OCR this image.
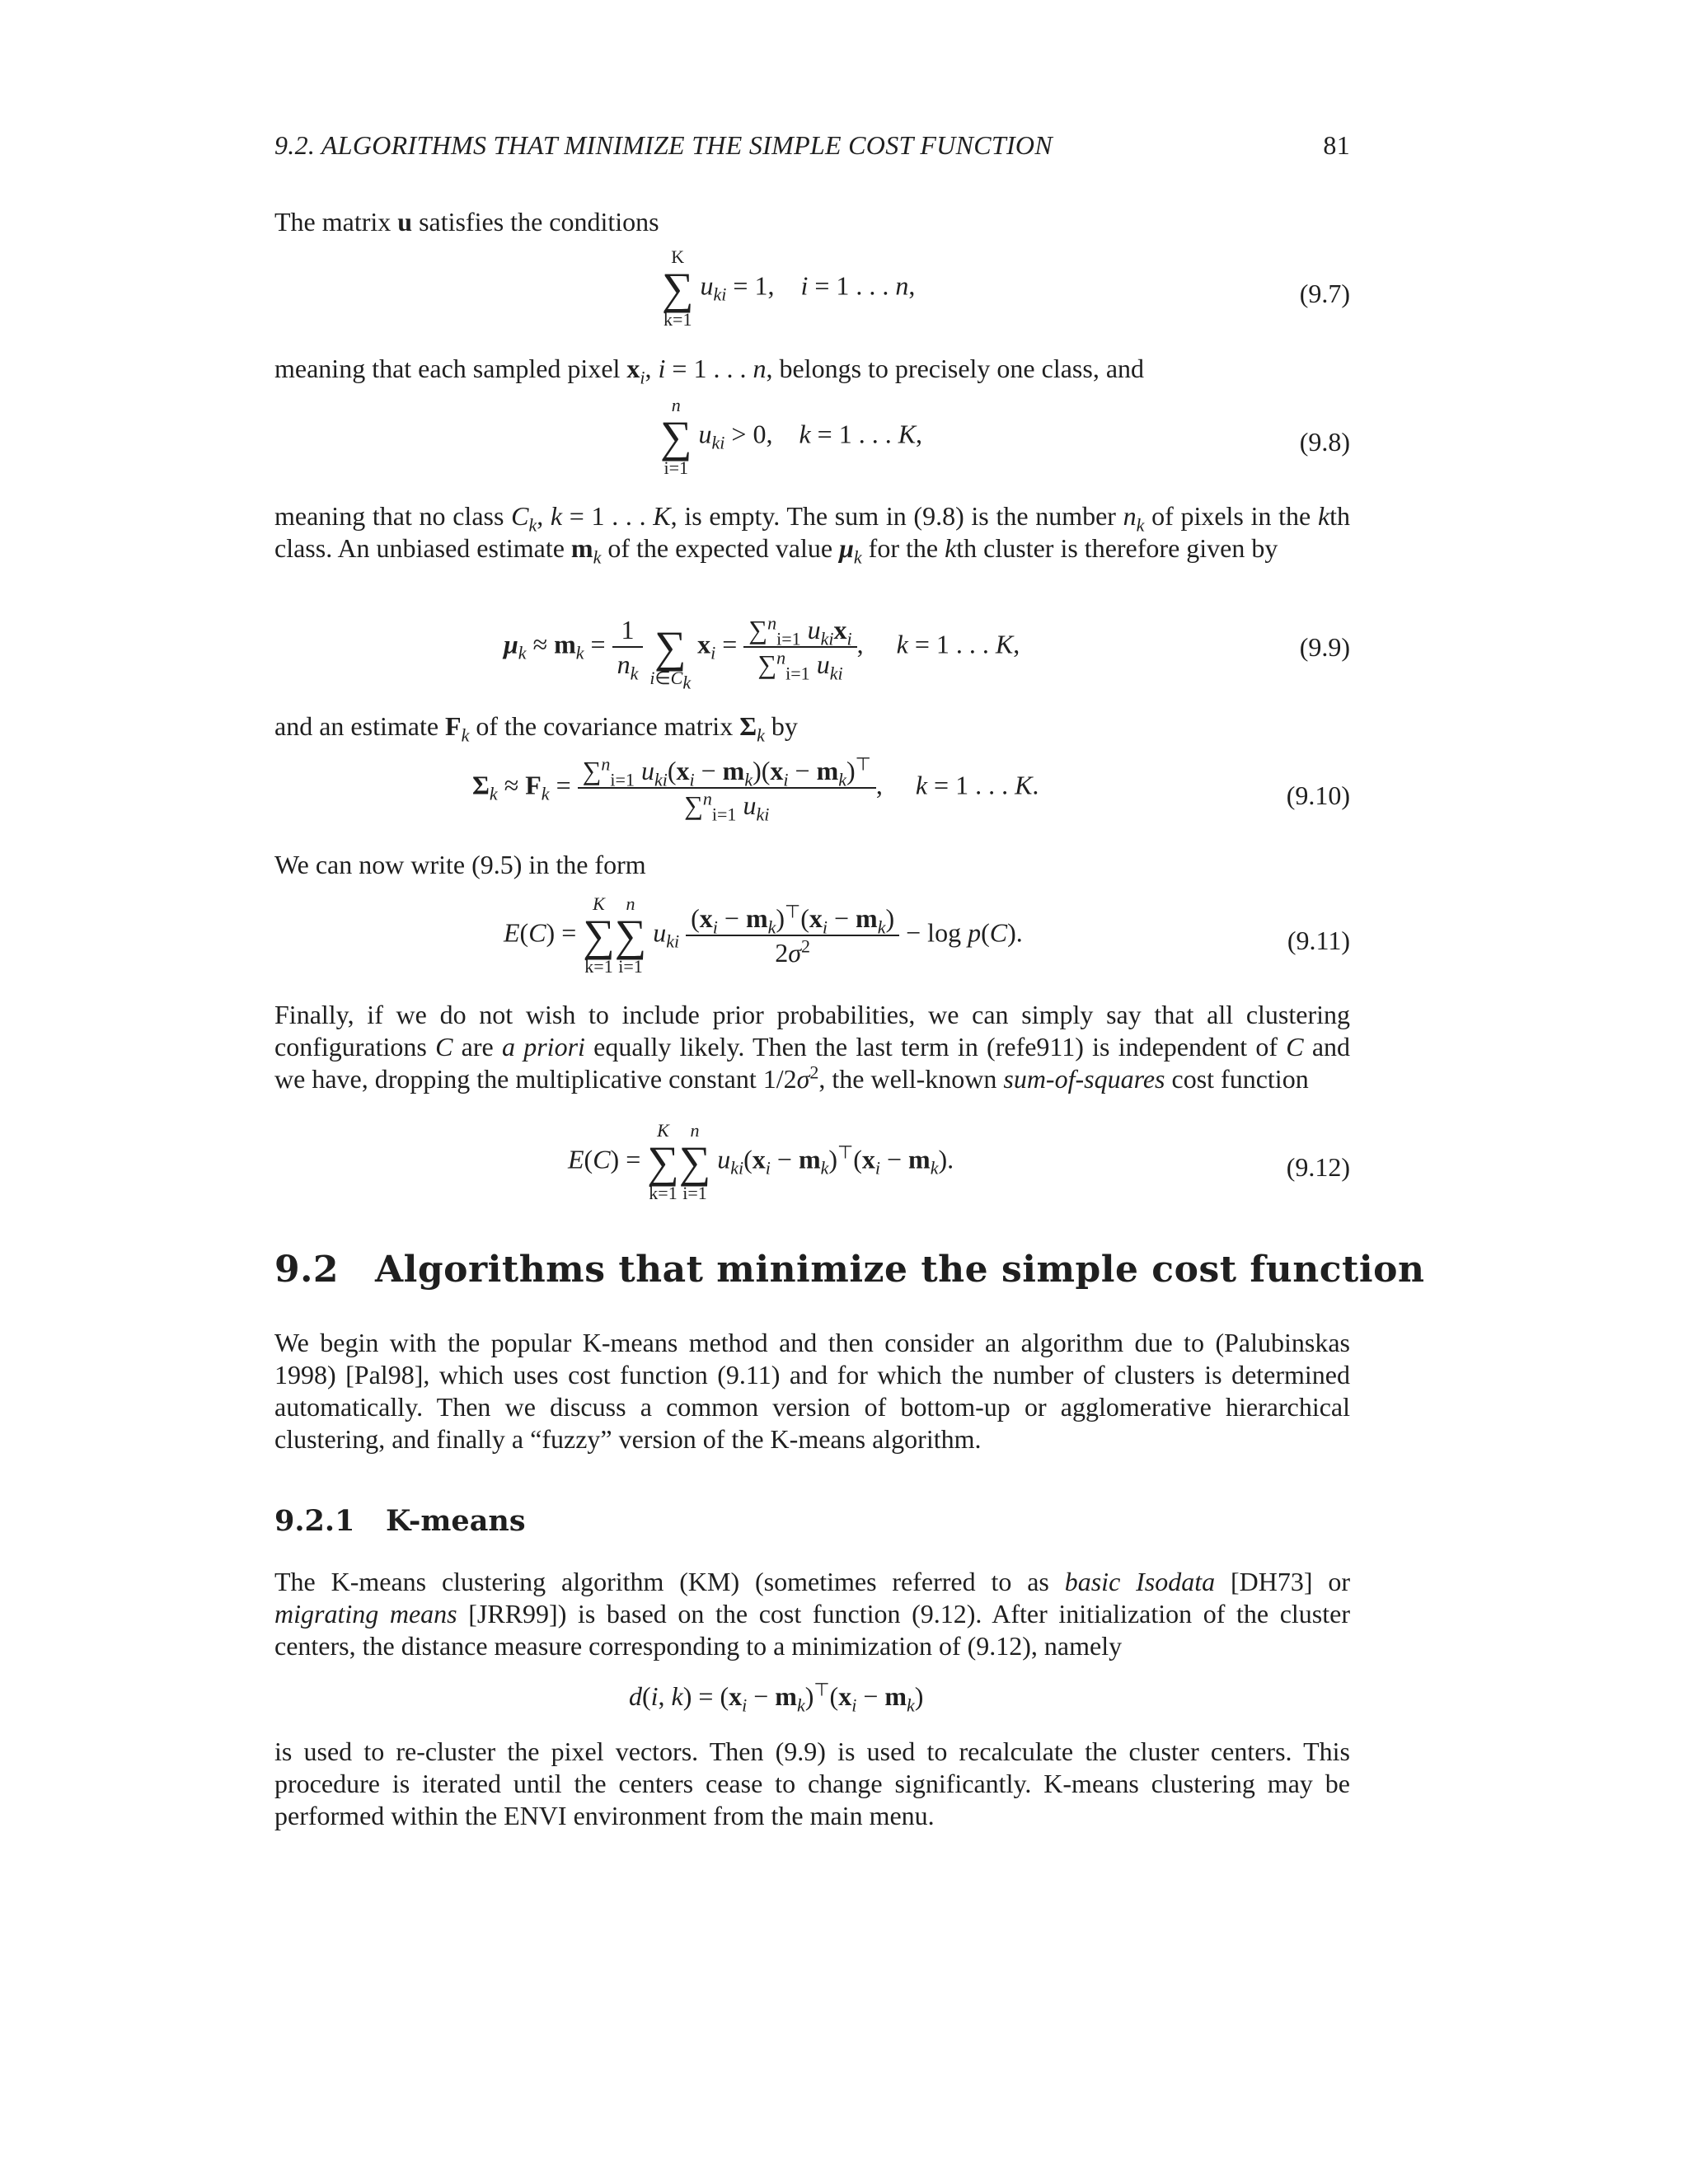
9.2. ALGORITHMS THAT MINIMIZE THE SIMPLE COST FUNCTION	81
The matrix u satisfies the conditions
K
∑
k=1 $u_{ki} = 1$,    i = 1 . . . n,	(9.7)
meaning that each sampled pixel $x_i$, i = 1 . . . n, belongs to precisely one class, and
n
∑
i=1 $u_{ki} > 0$,    k = 1 . . . K,	(9.8)
meaning that no class $C_k$, k = 1 . . . K, is empty. The sum in (9.8) is the number $n_k$ of pixels in the kth class. An unbiased estimate $m_k$ of the expected value $\mu_k$ for the kth cluster is therefore given by
$\mu_k \approx m_k = \frac{1}{n_k}$
∑
$i\in C_k$ $x_i = \frac{\sum^n_{i=1} u_{ki}x_i}{\sum^n_{i=1} u_{ki}}$ ,     k = 1 . . . K,	(9.9)
and an estimate $F_k$ of the covariance matrix $\Sigma_k$ by
$\Sigma_k \approx F_k = \frac{\sum^n_{i=1} u_{ki}(x_i - m_k)(x_i - m_k)^⊤}{\sum^n_{i=1} u_{ki}}$ ,     k = 1 . . . K.	(9.10)
We can now write (9.5) in the form
E(C) = K
∑
k=1n
∑
i=1 $u_{ki} \frac{(x_i - m_k)^⊤(x_i - m_k)}{2\sigma^2} - \log p(C)$.	(9.11)
Finally, if we do not wish to include prior probabilities, we can simply say that all clustering configurations C are a priori equally likely. Then the last term in (refe911) is independent of C and we have, dropping the multiplicative constant $1/2\sigma^2$, the well-known sum-of-squares cost function
E(C) = K
∑
k=1n
∑
i=1 $u_{ki}(x_i - m_k)^⊤(x_i - m_k)$.	(9.12)
9.2 Algorithms that minimize the simple cost function
We begin with the popular K-means method and then consider an algorithm due to (Palubinskas 1998) [Pal98], which uses cost function (9.11) and for which the number of clusters is determined automatically. Then we discuss a common version of bottom-up or agglomerative hierarchical clustering, and finally a “fuzzy” version of the K-means algorithm.
9.2.1 K-means
The K-means clustering algorithm (KM) (sometimes referred to as basic Isodata [DH73] or migrating means [JRR99]) is based on the cost function (9.12). After initialization of the cluster centers, the distance measure corresponding to a minimization of (9.12), namely
d(i, $k) = (x_i - m_k)^⊤(x_i - m_k)$
is used to re-cluster the pixel vectors. Then (9.9) is used to recalculate the cluster centers. This procedure is iterated until the centers cease to change significantly. K-means clustering may be performed within the ENVI environment from the main menu.
